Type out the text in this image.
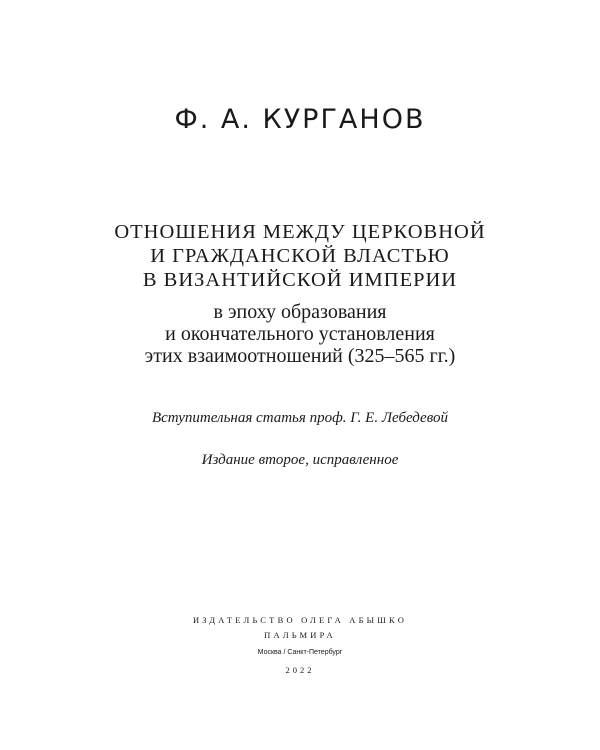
Ф. А. КУРГАНОВ
ОТНОШЕНИЯ МЕЖДУ ЦЕРКОВНОЙ
И ГРАЖДАНСКОЙ ВЛАСТЬЮ
В ВИЗАНТИЙСКОЙ ИМПЕРИИ
в эпоху образования
и окончательного установления
этих взаимоотношений (325–565 гг.)
Вступительная статья проф. Г. Е. Лебедевой
Издание второе, исправленное
ИЗДАТЕЛЬСТВО ОЛЕГА АБЫШКО
ПАЛЬМИРА
Москва / Санкт-Петербург
2022
